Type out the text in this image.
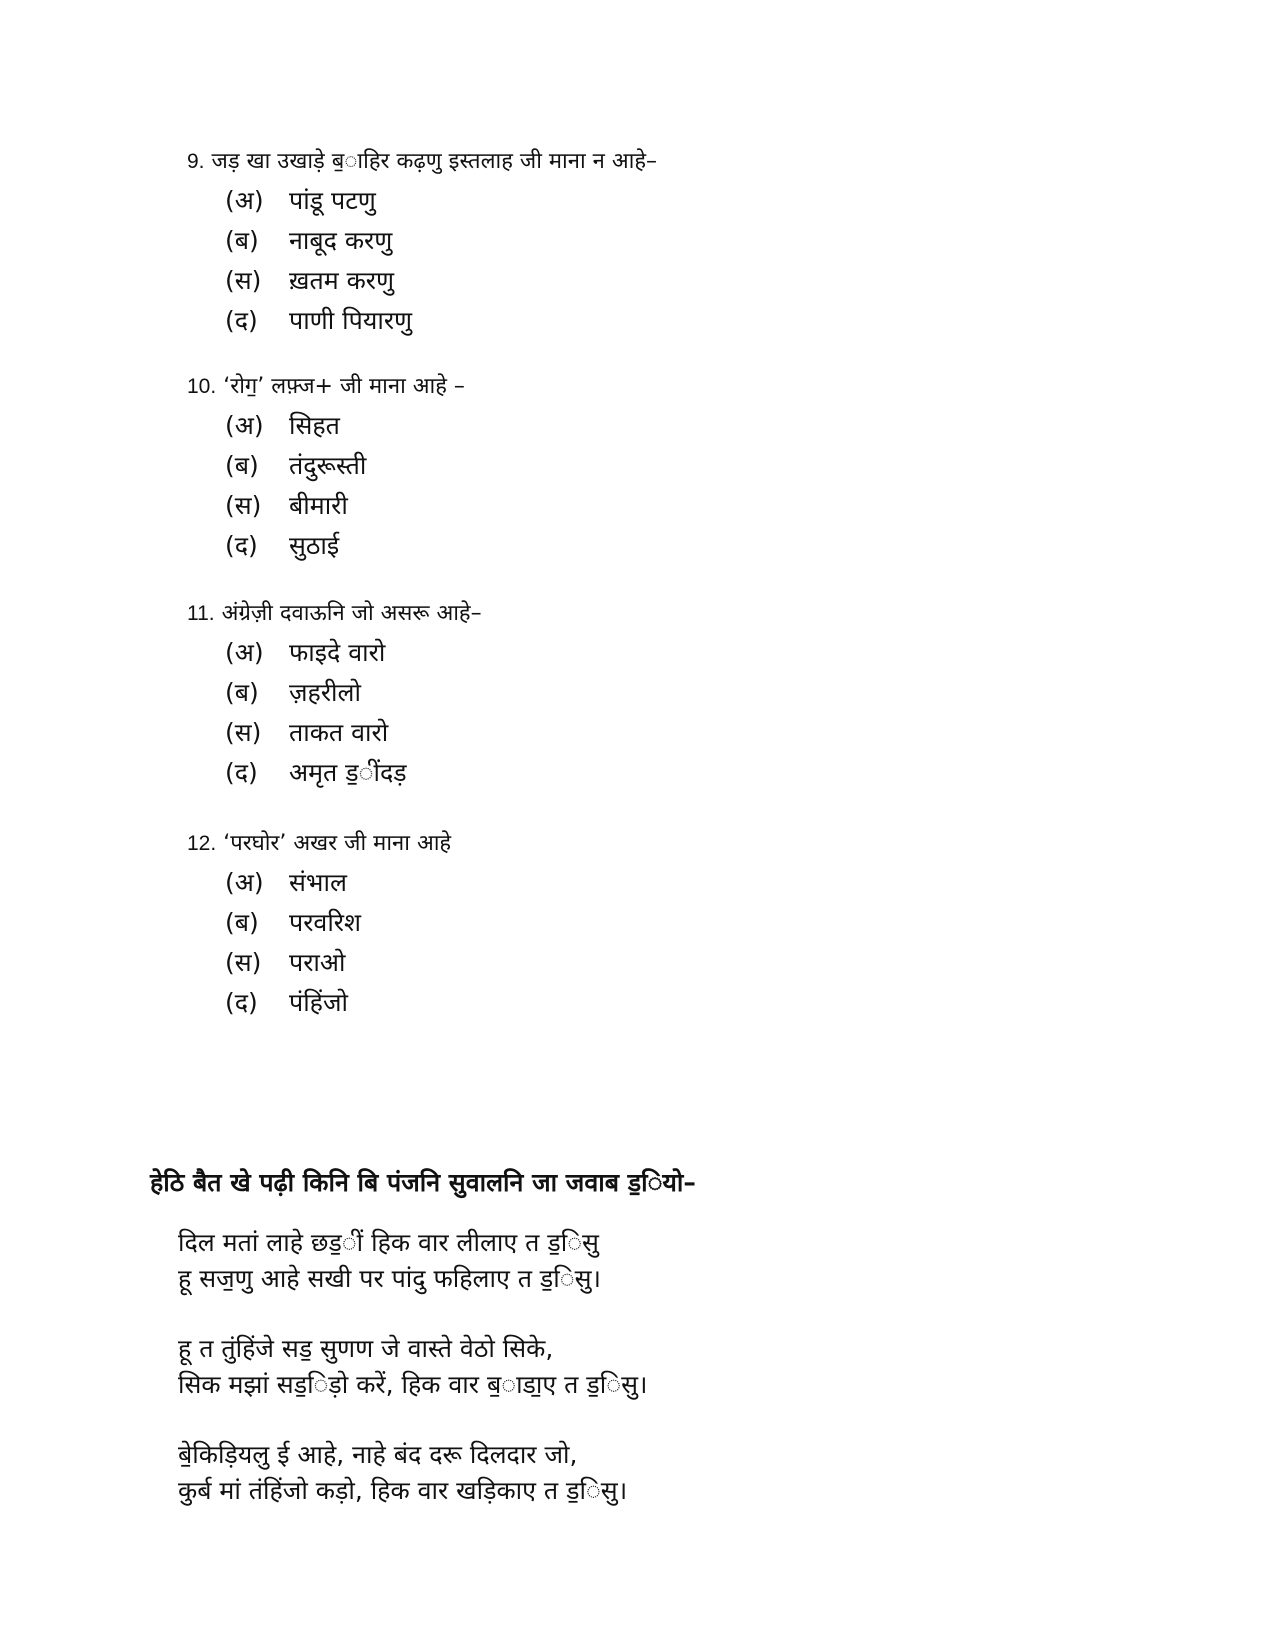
9. जड़ खा उखाड़े ब॒ाहिर कढ़णु इस्तलाह जी माना न आहे–
(अ) पांडू पटणु
(ब) नाबूद करणु
(स) ख़तम करणु
(द) पाणी पियारणु
10. ‘रोग॒’ लफ़्ज+ जी माना आहे –
(अ) सिहत
(ब) तंदुरूस्ती
(स) बीमारी
(द) सुठाई
11. अंग्रेज़ी दवाऊनि जो असरू आहे–
(अ) फाइदे वारो
(ब) ज़हरीलो
(स) ताकत वारो
(द) अमृत ड॒ींदड़
12. ‘परघोर’ अखर जी माना आहे
(अ) संभाल
(ब) परवरिश
(स) पराओ
(द) पंहिंजो
हेठि बैत खे पढ़ी किनि बि पंजनि सुवालनि जा जवाब ड॒ियो–
दिल मतां लाहे छड॒ीं हिक वार लीलाए त ड॒िसु
हू सज॒णु आहे सखी पर पांदु फहिलाए त ड॒िसु।
हू त तुंहिंजे सड॒ सुणण जे वास्ते वेठो सिके,
सिक मझां सड॒िड़ो करें, हिक वार ब॒ाडा॒ए त ड॒िसु।
बे॒किड़ियलु ई आहे, नाहे बंद दरू दिलदार जो,
कुर्ब मां तंहिंजो कड़ो, हिक वार खड़िकाए त ड॒िसु।
